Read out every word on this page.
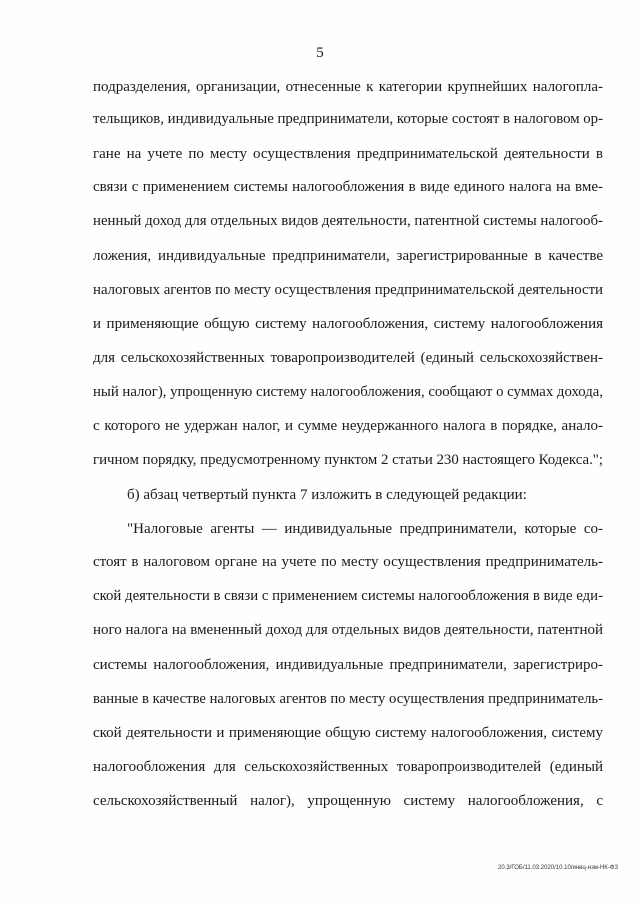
5
подразделения, организации, отнесенные к категории крупнейших налогопла-
тельщиков, индивидуальные предприниматели, которые состоят в налоговом ор-
гане на учете по месту осуществления предпринимательской деятельности в
связи с применением системы налогообложения в виде единого налога на вме-
ненный доход для отдельных видов деятельности, патентной системы налогооб-
ложения, индивидуальные предприниматели, зарегистрированные в качестве
налоговых агентов по месту осуществления предпринимательской деятельности
и применяющие общую систему налогообложения, систему налогообложения
для сельскохозяйственных товаропроизводителей (единый сельскохозяйствен-
ный налог), упрощенную систему налогообложения, сообщают о суммах дохода,
с которого не удержан налог, и сумме неудержанного налога в порядке, анало-
гичном порядку, предусмотренному пунктом 2 статьи 230 настоящего Кодекса.";
б) абзац четвертый пункта 7 изложить в следующей редакции:
"Налоговые агенты — индивидуальные предприниматели, которые со-
стоят в налоговом органе на учете по месту осуществления предприниматель-
ской деятельности в связи с применением системы налогообложения в виде еди-
ного налога на вмененный доход для отдельных видов деятельности, патентной
системы налогообложения, индивидуальные предприниматели, зарегистриро-
ванные в качестве налоговых агентов по месту осуществления предприниматель-
ской деятельности и применяющие общую систему налогообложения, систему
налогообложения для сельскохозяйственных товаропроизводителей (единый
сельскохозяйственный налог), упрощенную систему налогообложения, с
20.3/ГОБ/11.03.2020/10.10/инвц-изм-НК-ФЗ
